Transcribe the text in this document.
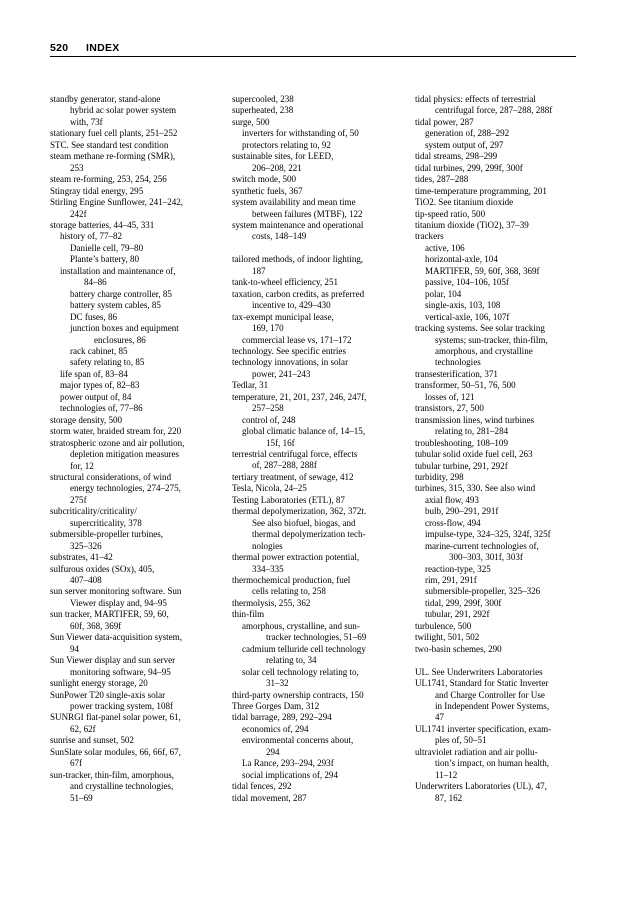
520 INDEX
standby generator, stand-alone
hybrid ac solar power system
with, 73f
stationary fuel cell plants, 251–252
STC. See standard test condition
steam methane re-forming (SMR),
253
steam re-forming, 253, 254, 256
Stingray tidal energy, 295
Stirling Engine Sunflower, 241–242,
242f
storage batteries, 44–45, 331
history of, 77–82
Danielle cell, 79–80
Plante’s battery, 80
installation and maintenance of,
84–86
battery charge controller, 85
battery system cables, 85
DC fuses, 86
junction boxes and equipment
enclosures, 86
rack cabinet, 85
safety relating to, 85
life span of, 83–84
major types of, 82–83
power output of, 84
technologies of, 77–86
storage density, 500
storm water, braided stream for, 220
stratospheric ozone and air pollution,
depletion mitigation measures
for, 12
structural considerations, of wind
energy technologies, 274–275,
275f
subcriticality/criticality/
supercriticality, 378
submersible-propeller turbines,
325–326
substrates, 41–42
sulfurous oxides (SOx), 405,
407–408
sun server monitoring software. Sun
Viewer display and, 94–95
sun tracker, MARTIFER, 59, 60,
60f, 368, 369f
Sun Viewer data-acquisition system,
94
Sun Viewer display and sun server
monitoring software, 94–95
sunlight energy storage, 20
SunPower T20 single-axis solar
power tracking system, 108f
SUNRGI flat-panel solar power, 61,
62, 62f
sunrise and sunset, 502
SunSlate solar modules, 66, 66f, 67,
67f
sun-tracker, thin-film, amorphous,
and crystalline technologies,
51–69
supercooled, 238
superheated, 238
surge, 500
inverters for withstanding of, 50
protectors relating to, 92
sustainable sites, for LEED,
206–208, 221
switch mode, 500
synthetic fuels, 367
system availability and mean time
between failures (MTBF), 122
system maintenance and operational
costs, 148–149
tailored methods, of indoor lighting,
187
tank-to-wheel efficiency, 251
taxation, carbon credits, as preferred
incentive to, 429–430
tax-exempt municipal lease,
169, 170
commercial lease vs, 171–172
technology. See specific entries
technology innovations, in solar
power, 241–243
Tedlar, 31
temperature, 21, 201, 237, 246, 247f,
257–258
control of, 248
global climatic balance of, 14–15,
15f, 16f
terrestrial centrifugal force, effects
of, 287–288, 288f
tertiary treatment, of sewage, 412
Tesla, Nicola, 24–25
Testing Laboratories (ETL), 87
thermal depolymerization, 362, 372t.
See also biofuel, biogas, and
thermal depolymerization tech-
nologies
thermal power extraction potential,
334–335
thermochemical production, fuel
cells relating to, 258
thermolysis, 255, 362
thin-film
amorphous, crystalline, and sun-
tracker technologies, 51–69
cadmium telluride cell technology
relating to, 34
solar cell technology relating to,
31–32
third-party ownership contracts, 150
Three Gorges Dam, 312
tidal barrage, 289, 292–294
economics of, 294
environmental concerns about,
294
La Rance, 293–294, 293f
social implications of, 294
tidal fences, 292
tidal movement, 287
tidal physics: effects of terrestrial
centrifugal force, 287–288, 288f
tidal power, 287
generation of, 288–292
system output of, 297
tidal streams, 298–299
tidal turbines, 299, 299f, 300f
tides, 287–288
time-temperature programming, 201
TiO2. See titanium dioxide
tip-speed ratio, 500
titanium dioxide (TiO2), 37–39
trackers
active, 106
horizontal-axle, 104
MARTIFER, 59, 60f, 368, 369f
passive, 104–106, 105f
polar, 104
single-axis, 103, 108
vertical-axle, 106, 107f
tracking systems. See solar tracking
systems; sun-tracker, thin-film,
amorphous, and crystalline
technologies
transesterification, 371
transformer, 50–51, 76, 500
losses of, 121
transistors, 27, 500
transmission lines, wind turbines
relating to, 281–284
troubleshooting, 108–109
tubular solid oxide fuel cell, 263
tubular turbine, 291, 292f
turbidity, 298
turbines, 315, 330. See also wind
axial flow, 493
bulb, 290–291, 291f
cross-flow, 494
impulse-type, 324–325, 324f, 325f
marine-current technologies of,
300–303, 301f, 303f
reaction-type, 325
rim, 291, 291f
submersible-propeller, 325–326
tidal, 299, 299f, 300f
tubular, 291, 292f
turbulence, 500
twilight, 501, 502
two-basin schemes, 290
UL. See Underwriters Laboratories
UL1741, Standard for Static Inverter
and Charge Controller for Use
in Independent Power Systems,
47
UL1741 inverter specification, exam-
ples of, 50–51
ultraviolet radiation and air pollu-
tion’s impact, on human health,
11–12
Underwriters Laboratories (UL), 47,
87, 162
